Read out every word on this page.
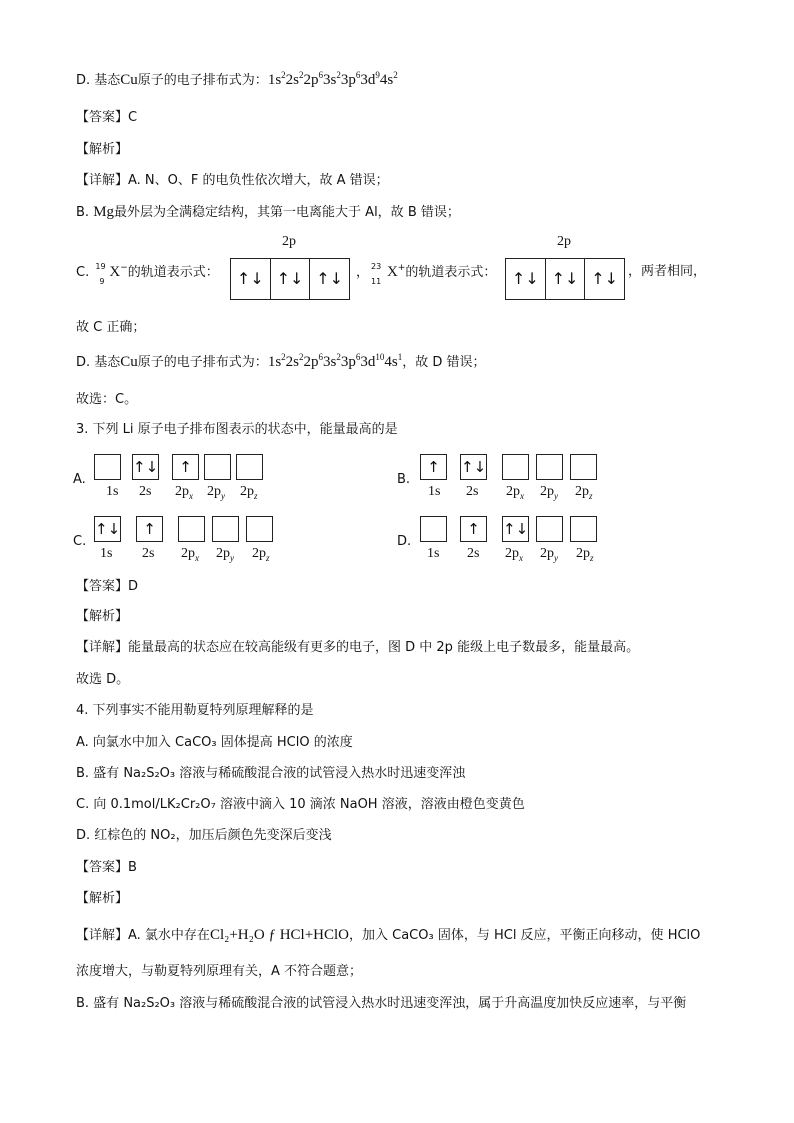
D. 基态Cu原子的电子排布式为：$1s^22s^22p^63s^23p^63d^94s^2$
【答案】C
【解析】
【详解】A. N、O、F 的电负性依次增大，故 A 错误；
B. Mg最外层为全满稳定结构，其第一电离能大于 Al，故 B 错误；
C. 19
9
X−的轨道表示式：
2p
↑↓ ↑↓ ↑↓ ， 23
11
X+的轨道表示式：
2p
↑↓ ↑↓ ↑↓ ，两者相同，
故 C 正确；
D. 基态Cu原子的电子排布式为：$1s^22s^22p^63s^23p^63d^{10}4s^1$，故 D 错误；
故选：C。
3. 下列 Li 原子电子排布图表示的状态中，能量最高的是
A.
1s
↑↓
2s
↑
$2p_x$ $2p_y$ $2p_z$
B.
↑
1s
↑↓
2s $2p_x$ $2p_y$ $2p_z$
C.
↑↓
1s
↑
2s $2p_x$ $2p_y$ $2p_z$
D.
1s
↑
2s
↑↓
$2p_x$ $2p_y$ $2p_z$
【答案】D
【解析】
【详解】能量最高的状态应在较高能级有更多的电子，图 D 中 2p 能级上电子数最多，能量最高。
故选 D。
4. 下列事实不能用勒夏特列原理解释的是
A. 向氯水中加入 CaCO₃ 固体提高 HClO 的浓度
B. 盛有 Na₂S₂O₃ 溶液与稀硫酸混合液的试管浸入热水时迅速变浑浊
C. 向 0.1mol/LK₂Cr₂O₇ 溶液中滴入 10 滴浓 NaOH 溶液，溶液由橙色变黄色
D. 红棕色的 NO₂，加压后颜色先变深后变浅
【答案】B
【解析】
【详解】A. 氯水中存在Cl₂+H₂O ƒ HCl+HClO，加入 CaCO₃ 固体，与 HCl 反应，平衡正向移动，使 HClO
浓度增大，与勒夏特列原理有关，A 不符合题意；
B. 盛有 Na₂S₂O₃ 溶液与稀硫酸混合液的试管浸入热水时迅速变浑浊，属于升高温度加快反应速率，与平衡
